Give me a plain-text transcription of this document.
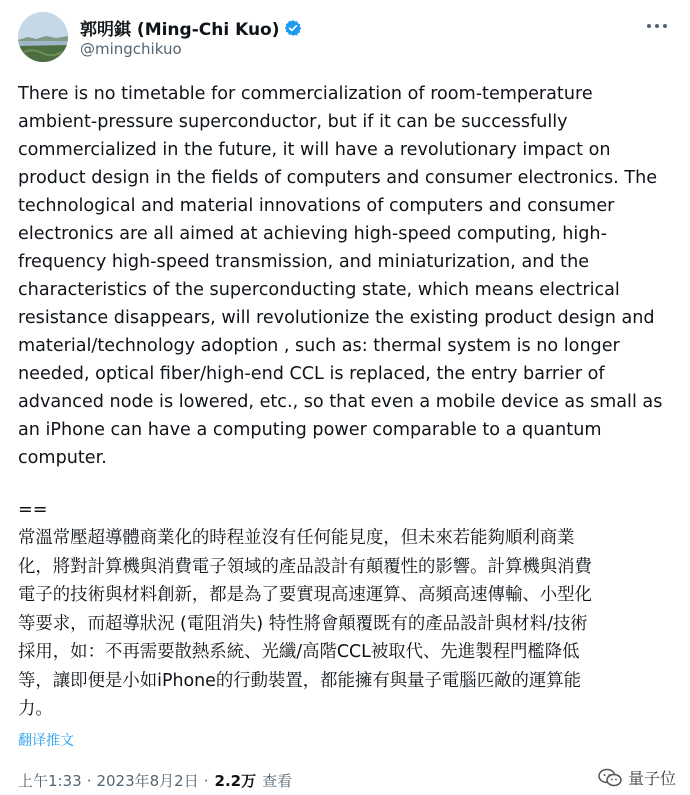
郭明錤 (Ming-Chi Kuo)
@mingchikuo
There is no timetable for commercialization of room-temperature
ambient-pressure superconductor, but if it can be successfully
commercialized in the future, it will have a revolutionary impact on
product design in the fields of computers and consumer electronics. The
technological and material innovations of computers and consumer
electronics are all aimed at achieving high-speed computing, high-
frequency high-speed transmission, and miniaturization, and the
characteristics of the superconducting state, which means electrical
resistance disappears, will revolutionize the existing product design and
material/technology adoption , such as: thermal system is no longer
needed, optical fiber/high-end CCL is replaced, the entry barrier of
advanced node is lowered, etc., so that even a mobile device as small as
an iPhone can have a computing power comparable to a quantum
computer.
==
常溫常壓超導體商業化的時程並沒有任何能見度，但未來若能夠順利商業
化，將對計算機與消費電子領域的產品設計有顛覆性的影響。計算機與消費
電子的技術與材料創新，都是為了要實現高速運算、高頻高速傳輸、小型化
等要求，而超導狀況 (電阻消失) 特性將會顛覆既有的產品設計與材料/技術
採用，如：不再需要散熱系統、光纖/高階CCL被取代、先進製程門檻降低
等，讓即便是小如iPhone的行動裝置，都能擁有與量子電腦匹敵的運算能
力。
翻译推文
上午1:33 · 2023年8月2日 · 2.2万 查看	量子位
